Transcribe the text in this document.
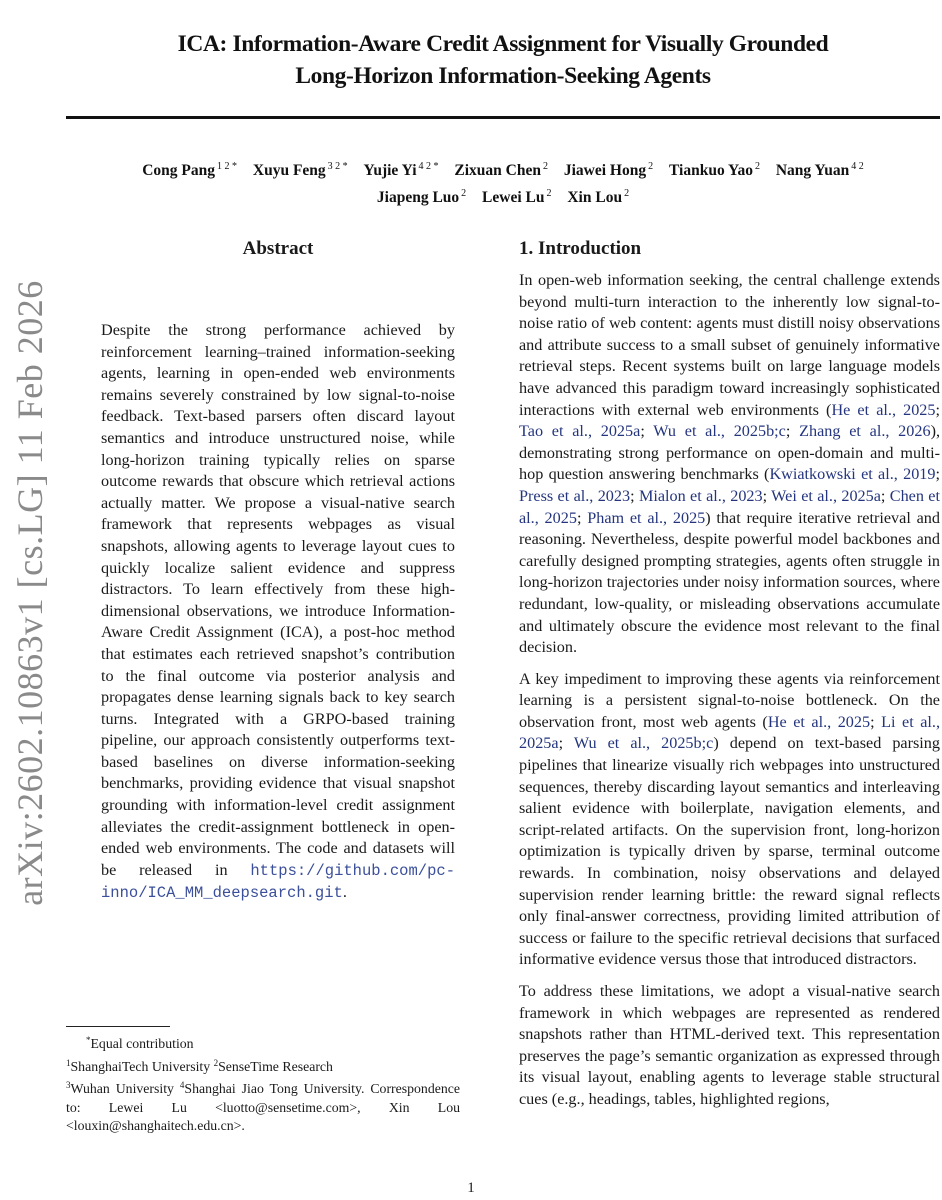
ICA: Information-Aware Credit Assignment for Visually Grounded
Long-Horizon Information-Seeking Agents
Cong Pang $^{1 2 *}$ Xuyu Feng $^{3 2 *}$ Yujie Yi $^{4 2 *}$ Zixuan Chen $^2$ Jiawei Hong $^2$ Tiankuo Yao $^2$ Nang Yuan $^{4 2}$
Jiapeng Luo $^2$ Lewei Lu $^2$ Xin Lou $^2$
arXiv:2602.10863v1 [cs.LG] 11 Feb 2026
Abstract

Despite the strong performance achieved by reinforcement learning–trained information-seeking agents, learning in open-ended web environments remains severely constrained by low signal-to-noise feedback. Text-based parsers often discard layout semantics and introduce unstructured noise, while long-horizon training typically relies on sparse outcome rewards that obscure which retrieval actions actually matter. We propose a visual-native search framework that represents webpages as visual snapshots, allowing agents to leverage layout cues to quickly localize salient evidence and suppress distractors. To learn effectively from these high-dimensional observations, we introduce Information-Aware Credit Assignment (ICA), a post-hoc method that estimates each retrieved snapshot’s contribution to the final outcome via posterior analysis and propagates dense learning signals back to key search turns. Integrated with a GRPO-based training pipeline, our approach consistently outperforms text-based baselines on diverse information-seeking benchmarks, providing evidence that visual snapshot grounding with information-level credit assignment alleviates the credit-assignment bottleneck in open-ended web environments. The code and datasets will be released in https://github.com/pc-inno/ICA_MM_deepsearch.git.

*Equal contribution
$^1$ShanghaiTech University $^2$SenseTime Research
$^3$Wuhan University $^4$Shanghai Jiao Tong University. Correspondence to: Lewei Lu <luotto@sensetime.com>, Xin Lou <louxin@shanghaitech.edu.cn>.
1. Introduction

In open-web information seeking, the central challenge extends beyond multi-turn interaction to the inherently low signal-to-noise ratio of web content: agents must distill noisy observations and attribute success to a small subset of genuinely informative retrieval steps. Recent systems built on large language models have advanced this paradigm toward increasingly sophisticated interactions with external web environments (He et al., 2025; Tao et al., 2025a; Wu et al., 2025b;c; Zhang et al., 2026), demonstrating strong performance on open-domain and multi-hop question answering benchmarks (Kwiatkowski et al., 2019; Press et al., 2023; Mialon et al., 2023; Wei et al., 2025a; Chen et al., 2025; Pham et al., 2025) that require iterative retrieval and reasoning. Nevertheless, despite powerful model backbones and carefully designed prompting strategies, agents often struggle in long-horizon trajectories under noisy information sources, where redundant, low-quality, or misleading observations accumulate and ultimately obscure the evidence most relevant to the final decision.

A key impediment to improving these agents via reinforcement learning is a persistent signal-to-noise bottleneck. On the observation front, most web agents (He et al., 2025; Li et al., 2025a; Wu et al., 2025b;c) depend on text-based parsing pipelines that linearize visually rich webpages into unstructured sequences, thereby discarding layout semantics and interleaving salient evidence with boilerplate, navigation elements, and script-related artifacts. On the supervision front, long-horizon optimization is typically driven by sparse, terminal outcome rewards. In combination, noisy observations and delayed supervision render learning brittle: the reward signal reflects only final-answer correctness, providing limited attribution of success or failure to the specific retrieval decisions that surfaced informative evidence versus those that introduced distractors.

To address these limitations, we adopt a visual-native search framework in which webpages are represented as rendered snapshots rather than HTML-derived text. This representation preserves the page’s semantic organization as expressed through its visual layout, enabling agents to leverage stable structural cues (e.g., headings, tables, highlighted regions,

1
